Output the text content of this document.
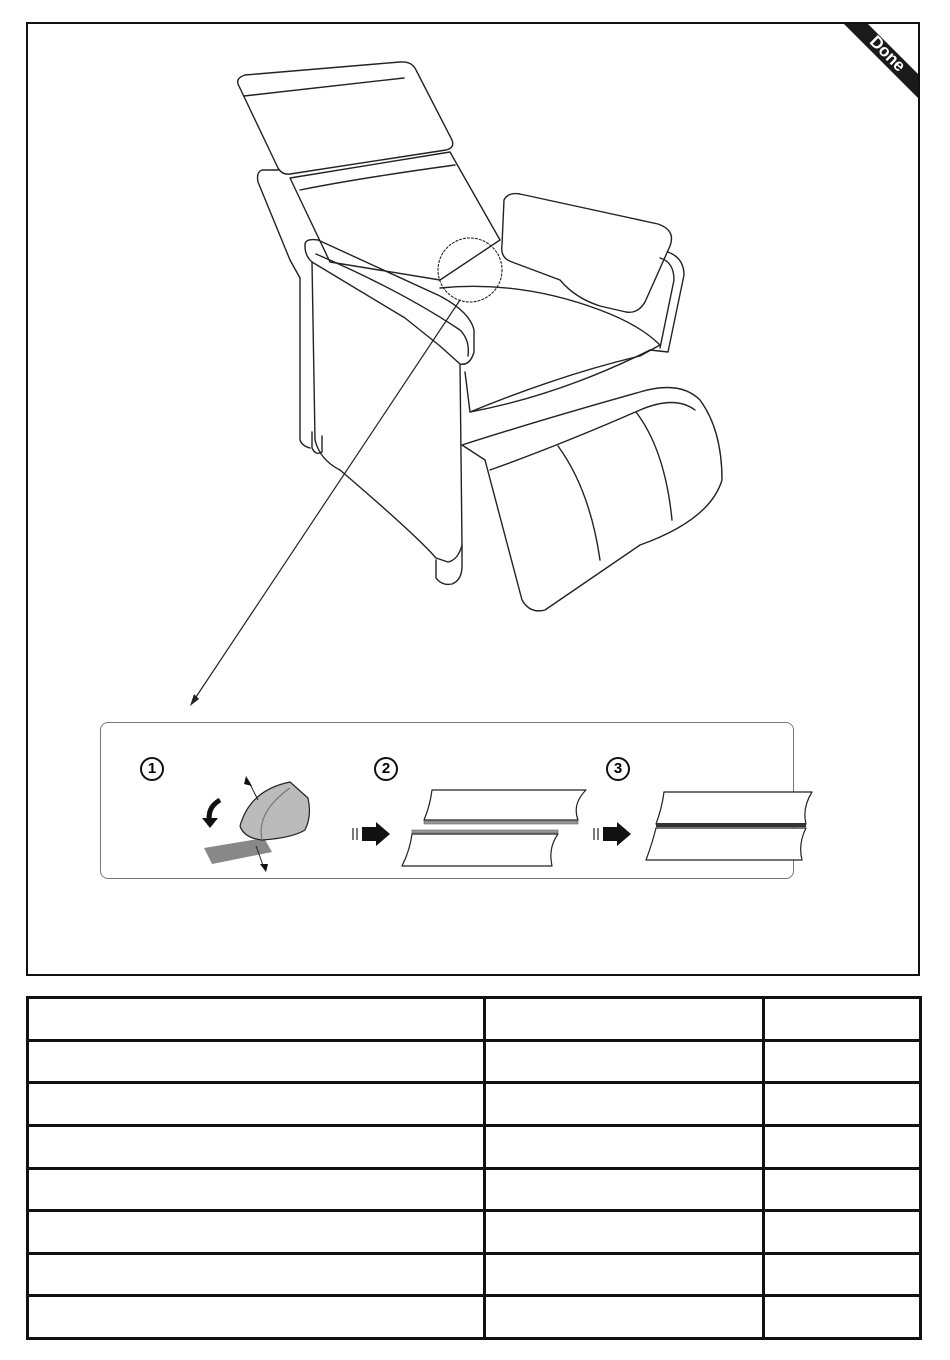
Done
1	2	3
